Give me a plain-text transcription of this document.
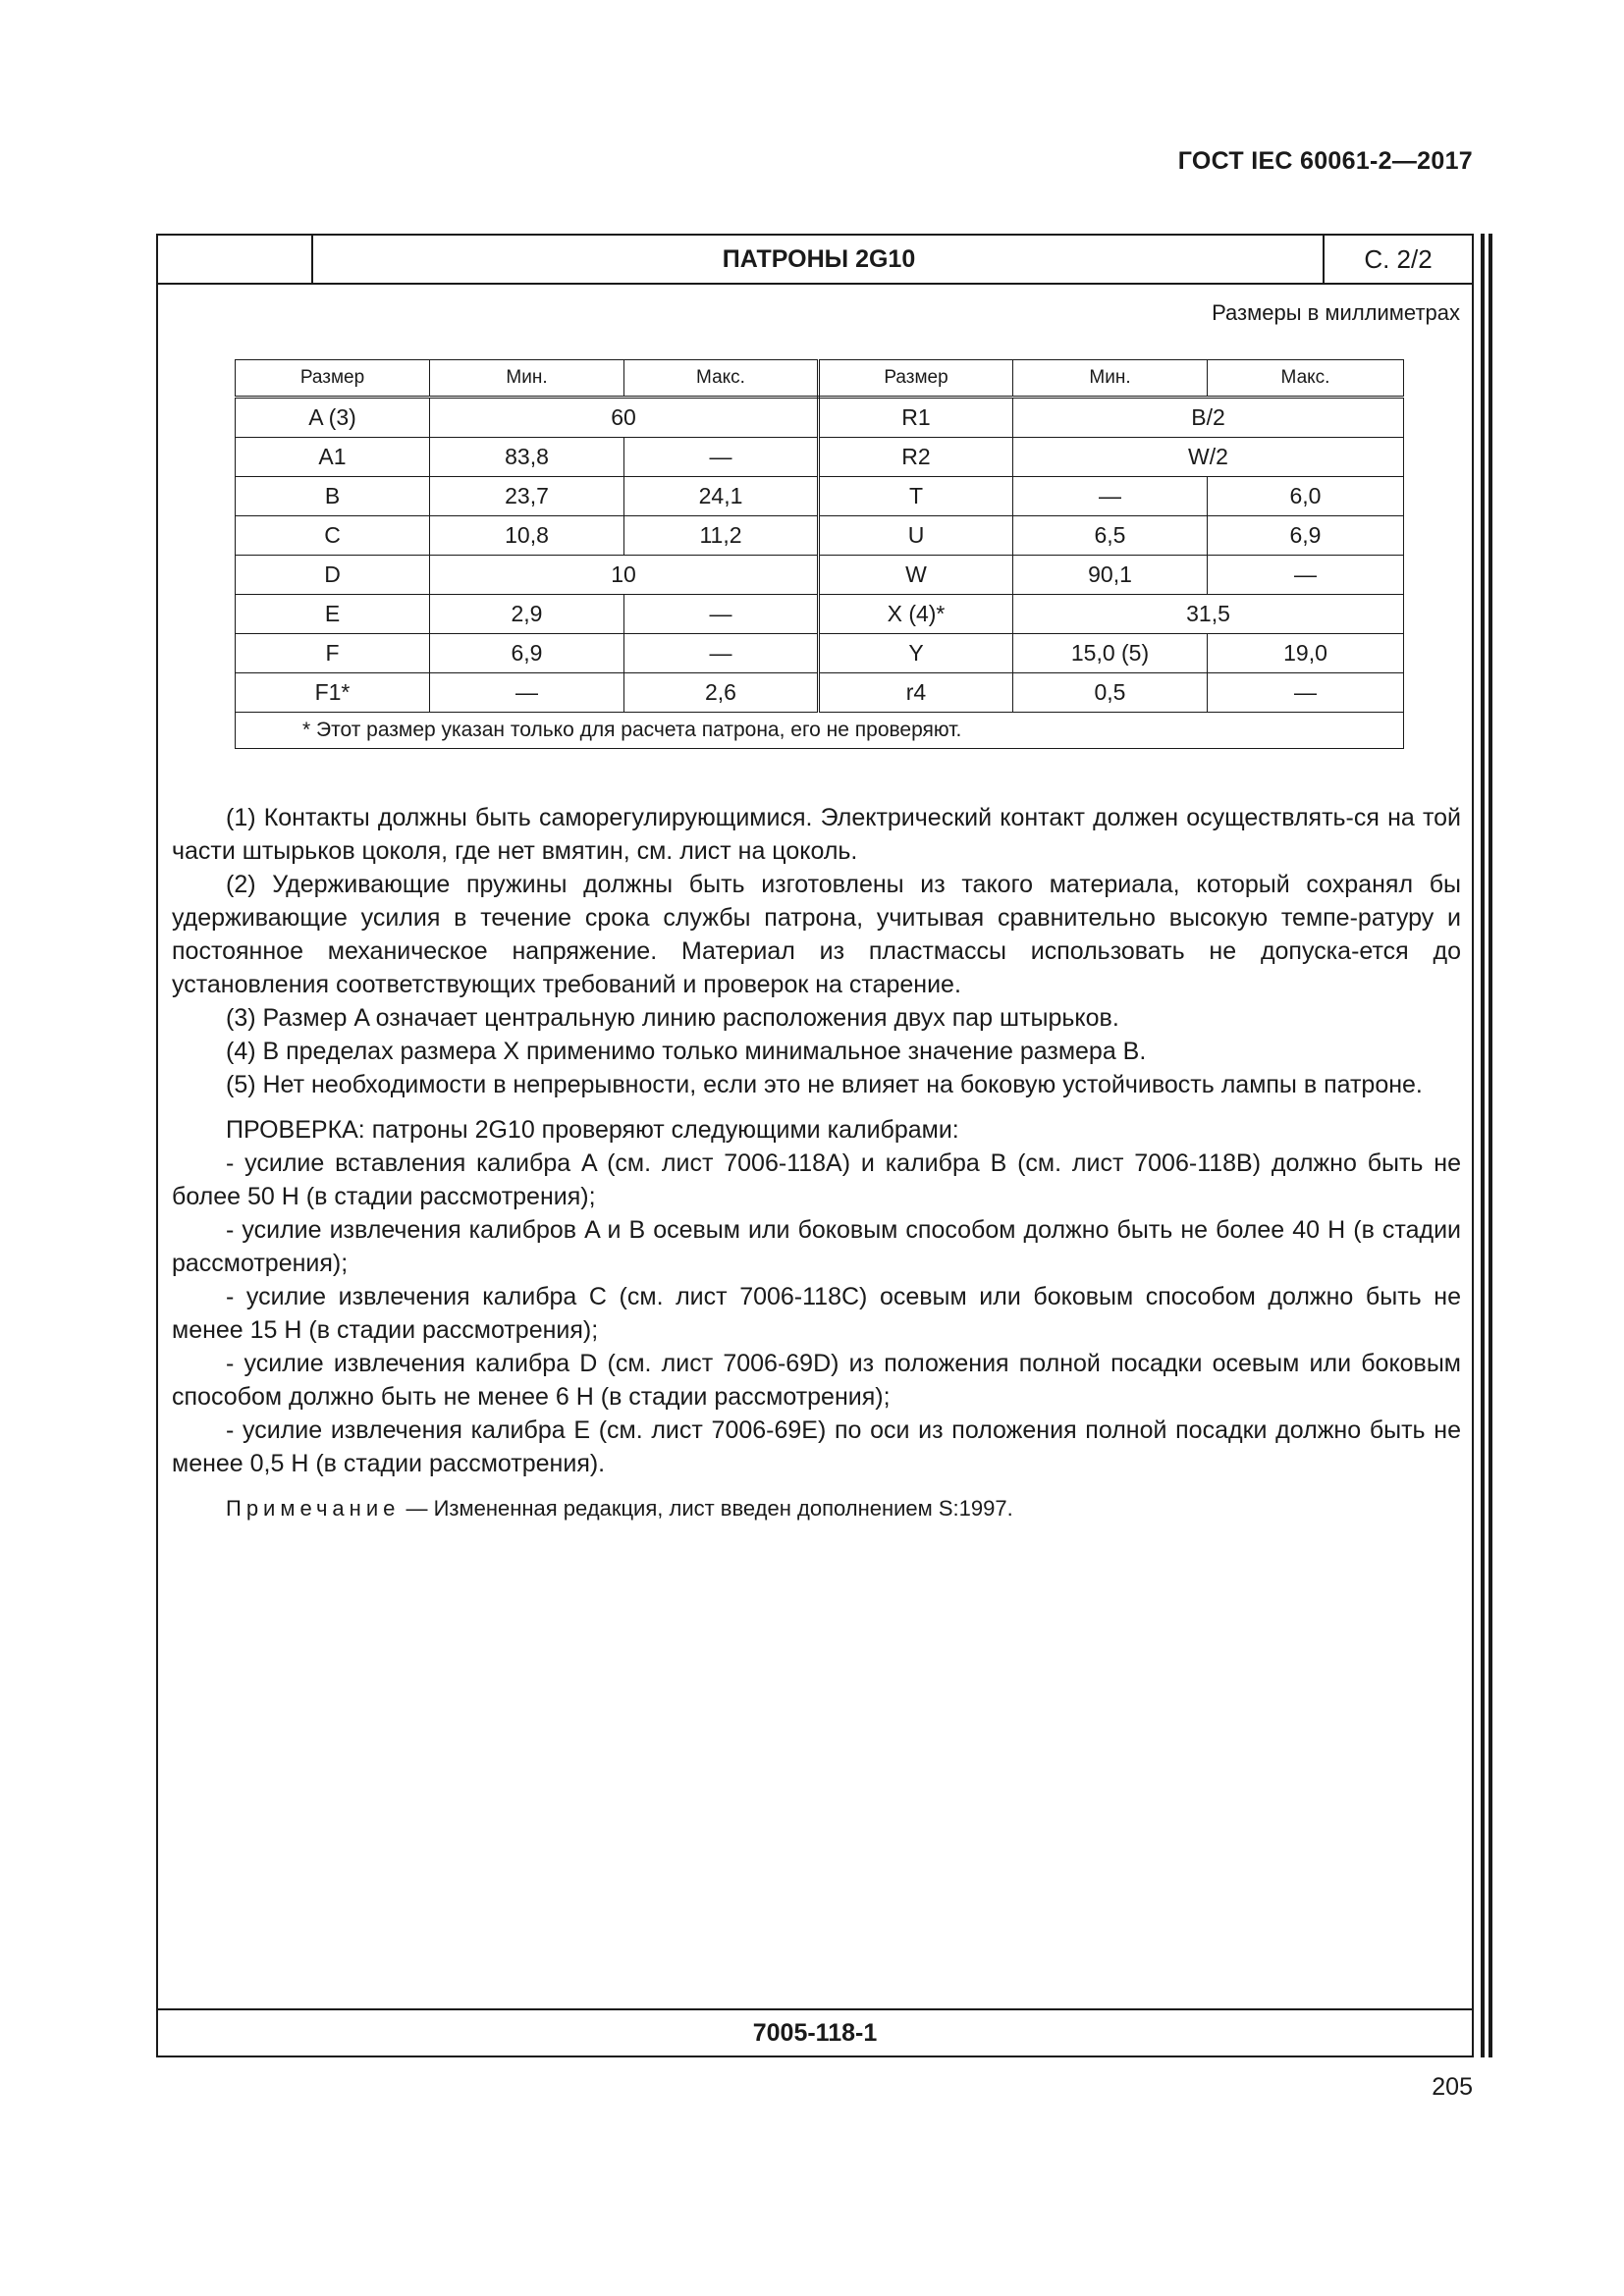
ГОСТ IEC 60061-2—2017
ПАТРОНЫ 2G10	С. 2/2
Размеры в миллиметрах
Размер	Мин.	Макс.	Размер	Мин.	Макс.
A (3)	60		R1	B/2	
A1	83,8	—	R2	W/2	
B	23,7	24,1	T	—	6,0
C	10,8	11,2	U	6,5	6,9
D	10		W	90,1	—
E	2,9	—	X (4)*	31,5	
F	6,9	—	Y	15,0 (5)	19,0
F1*	—	2,6	r4	0,5	—
* Этот размер указан только для расчета патрона, его не проверяют.					

(1) Контакты должны быть саморегулирующимися. Электрический контакт должен осуществлять-ся на той части штырьков цоколя, где нет вмятин, см. лист на цоколь.

(2) Удерживающие пружины должны быть изготовлены из такого материала, который сохранял бы удерживающие усилия в течение срока службы патрона, учитывая сравнительно высокую темпе-ратуру и постоянное механическое напряжение. Материал из пластмассы использовать не допуска-ется до установления соответствующих требований и проверок на старение.

(3) Размер A означает центральную линию расположения двух пар штырьков.

(4) В пределах размера X применимо только минимальное значение размера B.

(5) Нет необходимости в непрерывности, если это не влияет на боковую устойчивость лампы в патроне.

ПРОВЕРКА: патроны 2G10 проверяют следующими калибрами:

- усилие вставления калибра A (см. лист 7006-118A) и калибра B (см. лист 7006-118B) должно быть не более 50 Н (в стадии рассмотрения);

- усилие извлечения калибров A и B осевым или боковым способом должно быть не более 40 Н (в стадии рассмотрения);

- усилие извлечения калибра C (см. лист 7006-118C) осевым или боковым способом должно быть не менее 15 Н (в стадии рассмотрения);

- усилие извлечения калибра D (см. лист 7006-69D) из положения полной посадки осевым или боковым способом должно быть не менее 6 Н (в стадии рассмотрения);

- усилие извлечения калибра E (см. лист 7006-69E) по оси из положения полной посадки должно быть не менее 0,5 Н (в стадии рассмотрения).

Примечание — Измененная редакция, лист введен дополнением S:1997.

7005-118-1
205
